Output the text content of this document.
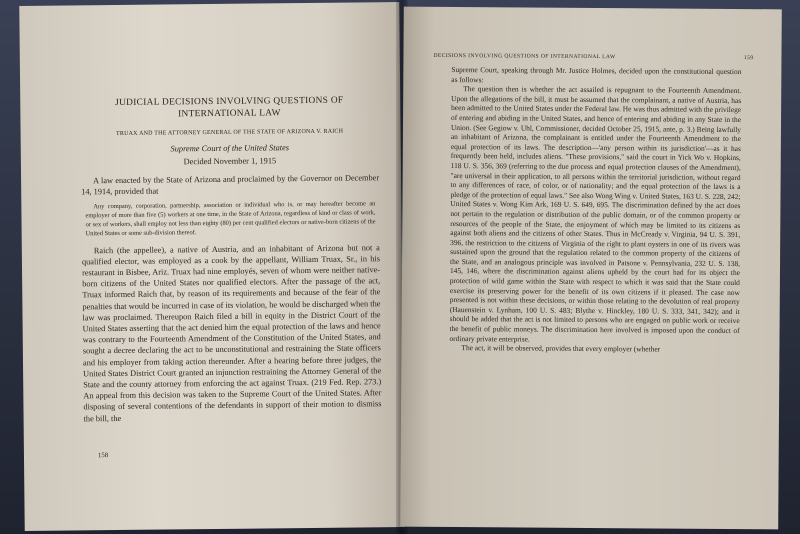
JUDICIAL DECISIONS INVOLVING QUESTIONS OF INTERNATIONAL LAW
TRUAX AND THE ATTORNEY GENERAL OF THE STATE OF ARIZONA V. RAICH
Supreme Court of the United States
Decided November 1, 1915

A law enacted by the State of Arizona and proclaimed by the Governor on December 14, 1914, provided that

Any company, corporation, partnership, association or individual who is, or may hereafter become an employer of more than five (5) workers at one time, in the State of Arizona, regardless of kind or class of work, or sex of workers, shall employ not less than eighty (80) per cent qualified electors or native-born citizens of the United States or some sub-division thereof.

Raich (the appellee), a native of Austria, and an inhabitant of Arizona but not a qualified elector, was employed as a cook by the appellant, William Truax, Sr., in his restaurant in Bisbee, Ariz. Truax had nine employés, seven of whom were neither native-born citizens of the United States nor qualified electors. After the passage of the act, Truax informed Raich that, by reason of its requirements and because of the fear of the penalties that would be incurred in case of its violation, he would be discharged when the law was proclaimed. Thereupon Raich filed a bill in equity in the District Court of the United States asserting that the act denied him the equal protection of the laws and hence was contrary to the Fourteenth Amendment of the Constitution of the United States, and sought a decree declaring the act to be unconstitutional and restraining the State officers and his employer from taking action thereunder. After a hearing before three judges, the United States District Court granted an injunction restraining the Attorney General of the State and the county attorney from enforcing the act against Truax. (219 Fed. Rep. 273.) An appeal from this decision was taken to the Supreme Court of the United States. After disposing of several contentions of the defendants in support of their motion to dismiss the bill, the

158
DECISIONS INVOLVING QUESTIONS OF INTERNATIONAL LAW	159

Supreme Court, speaking through Mr. Justice Holmes, decided upon the constitutional question as follows:

The question then is whether the act assailed is repugnant to the Fourteenth Amendment. Upon the allegations of the bill, it must be assumed that the complainant, a native of Austria, has been admitted to the United States under the Federal law. He was thus admitted with the privilege of entering and abiding in the United States, and hence of entering and abiding in any State in the Union. (See Gegiow v. Uhl, Commissioner, decided October 25, 1915, ante, p. 3.) Being lawfully an inhabitant of Arizona, the complainant is entitled under the Fourteenth Amendment to the equal protection of its laws. The description—'any person within its jurisdiction'—as it has frequently been held, includes aliens. "These provisions," said the court in Yick Wo v. Hopkins, 118 U. S. 356, 369 (referring to the due process and equal protection clauses of the Amendment), "are universal in their application, to all persons within the territorial jurisdiction, without regard to any differences of race, of color, or of nationality; and the equal protection of the laws is a pledge of the protection of equal laws." See also Wong Wing v. United States, 163 U. S. 228, 242; United States v. Wong Kim Ark, 169 U. S. 649, 695. The discrimination defined by the act does not pertain to the regulation or distribution of the public domain, or of the common property or resources of the people of the State, the enjoyment of which may be limited to its citizens as against both aliens and the citizens of other States. Thus in McCready v. Virginia, 94 U. S. 391, 396, the restriction to the citizens of Virginia of the right to plant oysters in one of its rivers was sustained upon the ground that the regulation related to the common property of the citizens of the State, and an analogous principle was involved in Patsone v. Pennsylvania, 232 U. S. 138, 145, 146, where the discrimination against aliens upheld by the court had for its object the protection of wild game within the State with respect to which it was said that the State could exercise its preserving power for the benefit of its own citizens if it pleased. The case now presented is not within these decisions, or within those relating to the devolution of real property (Hauenstein v. Lynham, 100 U. S. 483; Blythe v. Hinckley, 180 U. S. 333, 341, 342); and it should be added that the act is not limited to persons who are engaged on public work or receive the benefit of public moneys. The discrimination here involved is imposed upon the conduct of ordinary private enterprise.

The act, it will be observed, provides that every employer (whether
